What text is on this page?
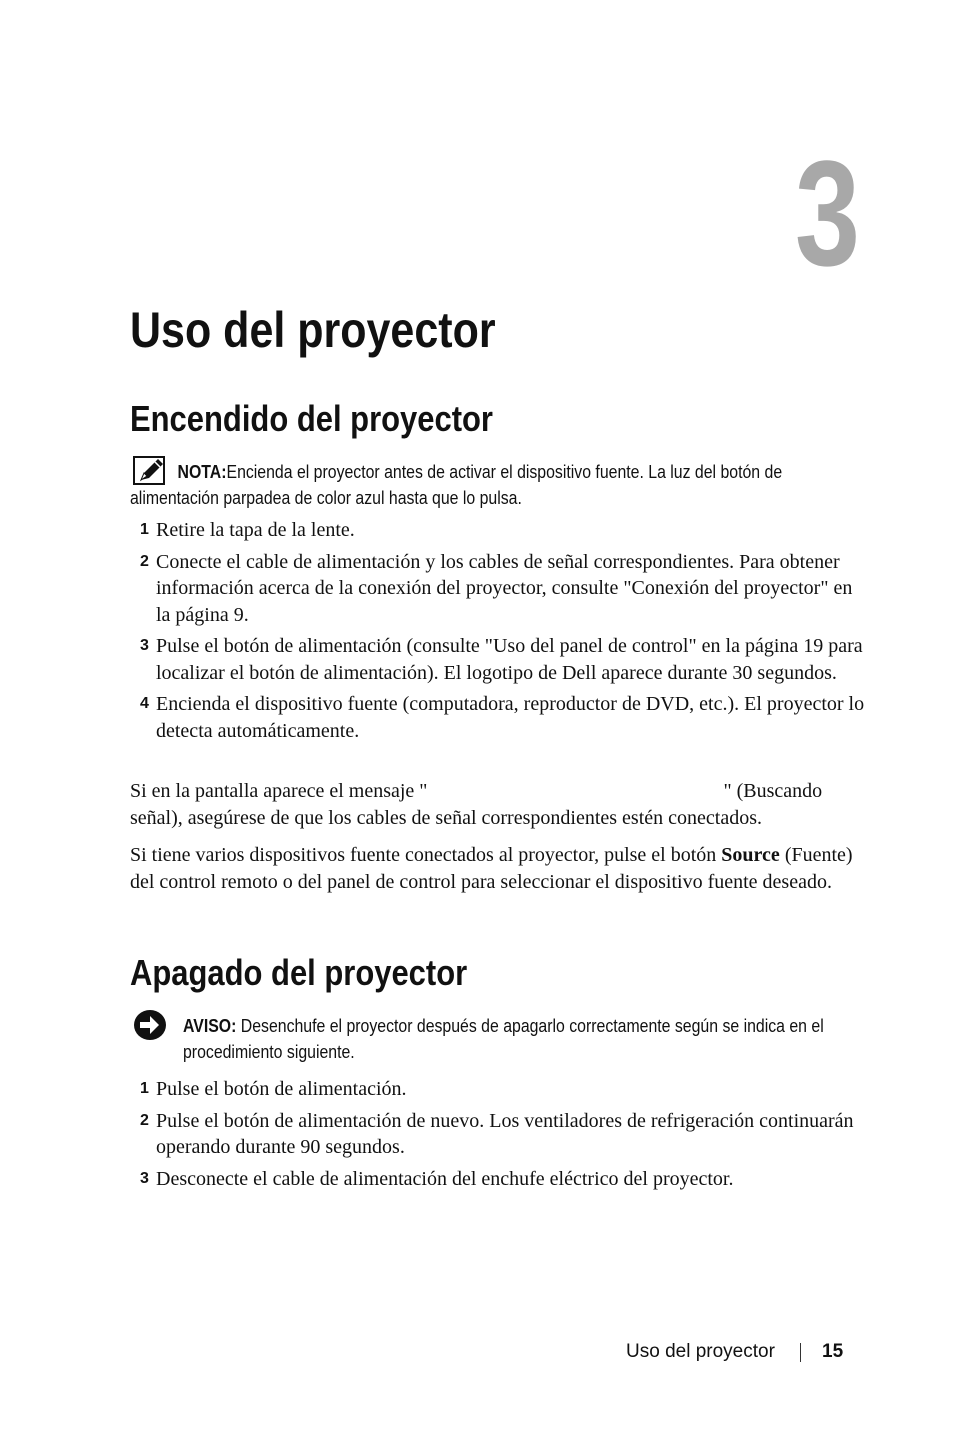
3
Uso del proyector
Encendido del proyector
NOTA:Encienda el proyector antes de activar el dispositivo fuente. La luz del botón de alimentación parpadea de color azul hasta que lo pulsa.
1 Retire la tapa de la lente.
2 Conecte el cable de alimentación y los cables de señal correspondientes. Para obtener información acerca de la conexión del proyector, consulte "Conexión del proyector" en la página 9.
3 Pulse el botón de alimentación (consulte "Uso del panel de control" en la página 19 para localizar el botón de alimentación). El logotipo de Dell aparece durante 30 segundos.
4 Encienda el dispositivo fuente (computadora, reproductor de DVD, etc.). El proyector lo detecta automáticamente.

Si en la pantalla aparece el mensaje "	" (Buscando señal), asegúrese de que los cables de señal correspondientes estén conectados.

Si tiene varios dispositivos fuente conectados al proyector, pulse el botón Source (Fuente) del control remoto o del panel de control para seleccionar el dispositivo fuente deseado.

Apagado del proyector
AVISO: Desenchufe el proyector después de apagarlo correctamente según se indica en el procedimiento siguiente.
1 Pulse el botón de alimentación.
2 Pulse el botón de alimentación de nuevo. Los ventiladores de refrigeración continuarán operando durante 90 segundos.
3 Desconecte el cable de alimentación del enchufe eléctrico del proyector.
Uso del proyector 15
